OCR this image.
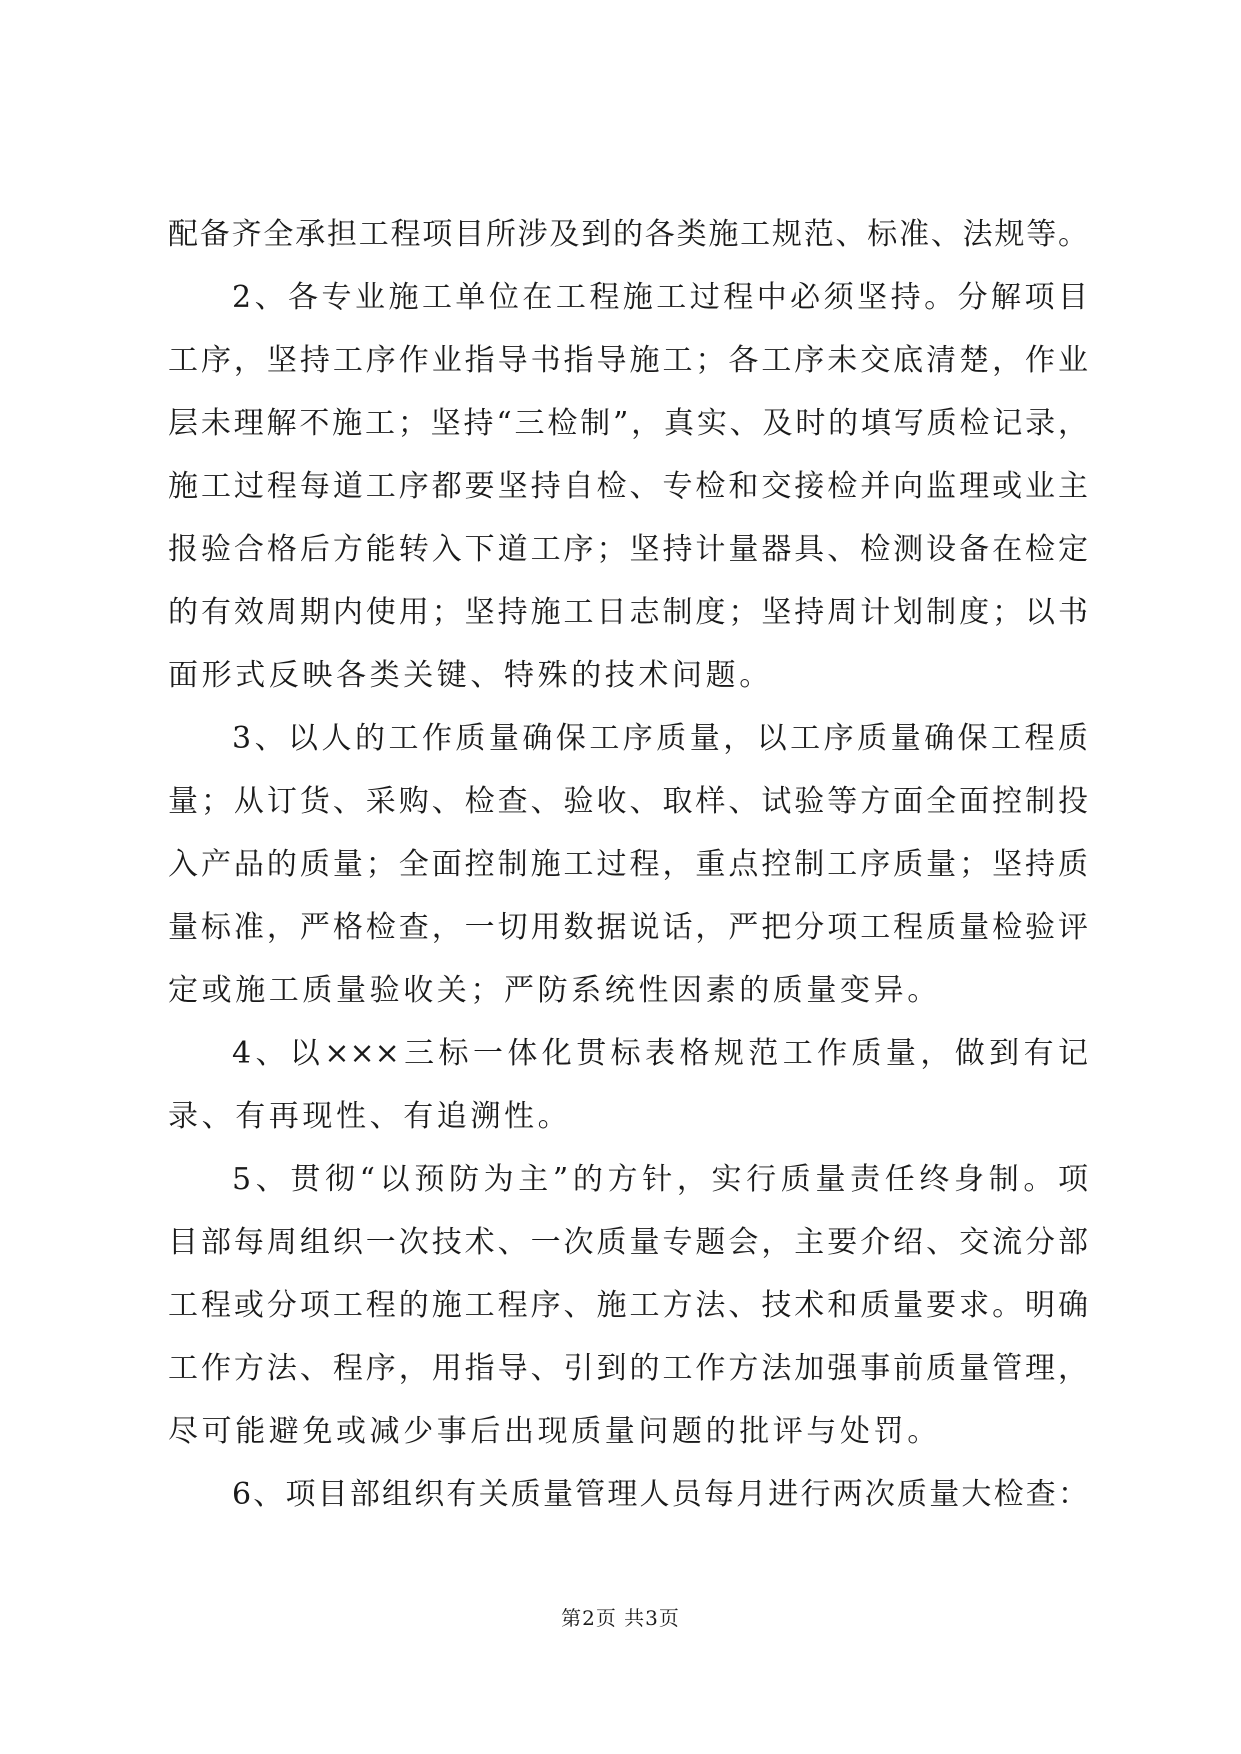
配备齐全承担工程项目所涉及到的各类施工规范、标准、法规等。
2、各专业施工单位在工程施工过程中必须坚持。分解项目
工序，坚持工序作业指导书指导施工；各工序未交底清楚，作业
层未理解不施工；坚持“三检制”，真实、及时的填写质检记录，
施工过程每道工序都要坚持自检、专检和交接检并向监理或业主
报验合格后方能转入下道工序；坚持计量器具、检测设备在检定
的有效周期内使用；坚持施工日志制度；坚持周计划制度；以书
面形式反映各类关键、特殊的技术问题。
3、以人的工作质量确保工序质量，以工序质量确保工程质
量；从订货、采购、检查、验收、取样、试验等方面全面控制投
入产品的质量；全面控制施工过程，重点控制工序质量；坚持质
量标准，严格检查，一切用数据说话，严把分项工程质量检验评
定或施工质量验收关；严防系统性因素的质量变异。
4、以×××三标一体化贯标表格规范工作质量，做到有记
录、有再现性、有追溯性。
5、贯彻“以预防为主”的方针，实行质量责任终身制。项
目部每周组织一次技术、一次质量专题会，主要介绍、交流分部
工程或分项工程的施工程序、施工方法、技术和质量要求。明确
工作方法、程序，用指导、引到的工作方法加强事前质量管理，
尽可能避免或减少事后出现质量问题的批评与处罚。
6、项目部组织有关质量管理人员每月进行两次质量大检查：
第2页 共3页
